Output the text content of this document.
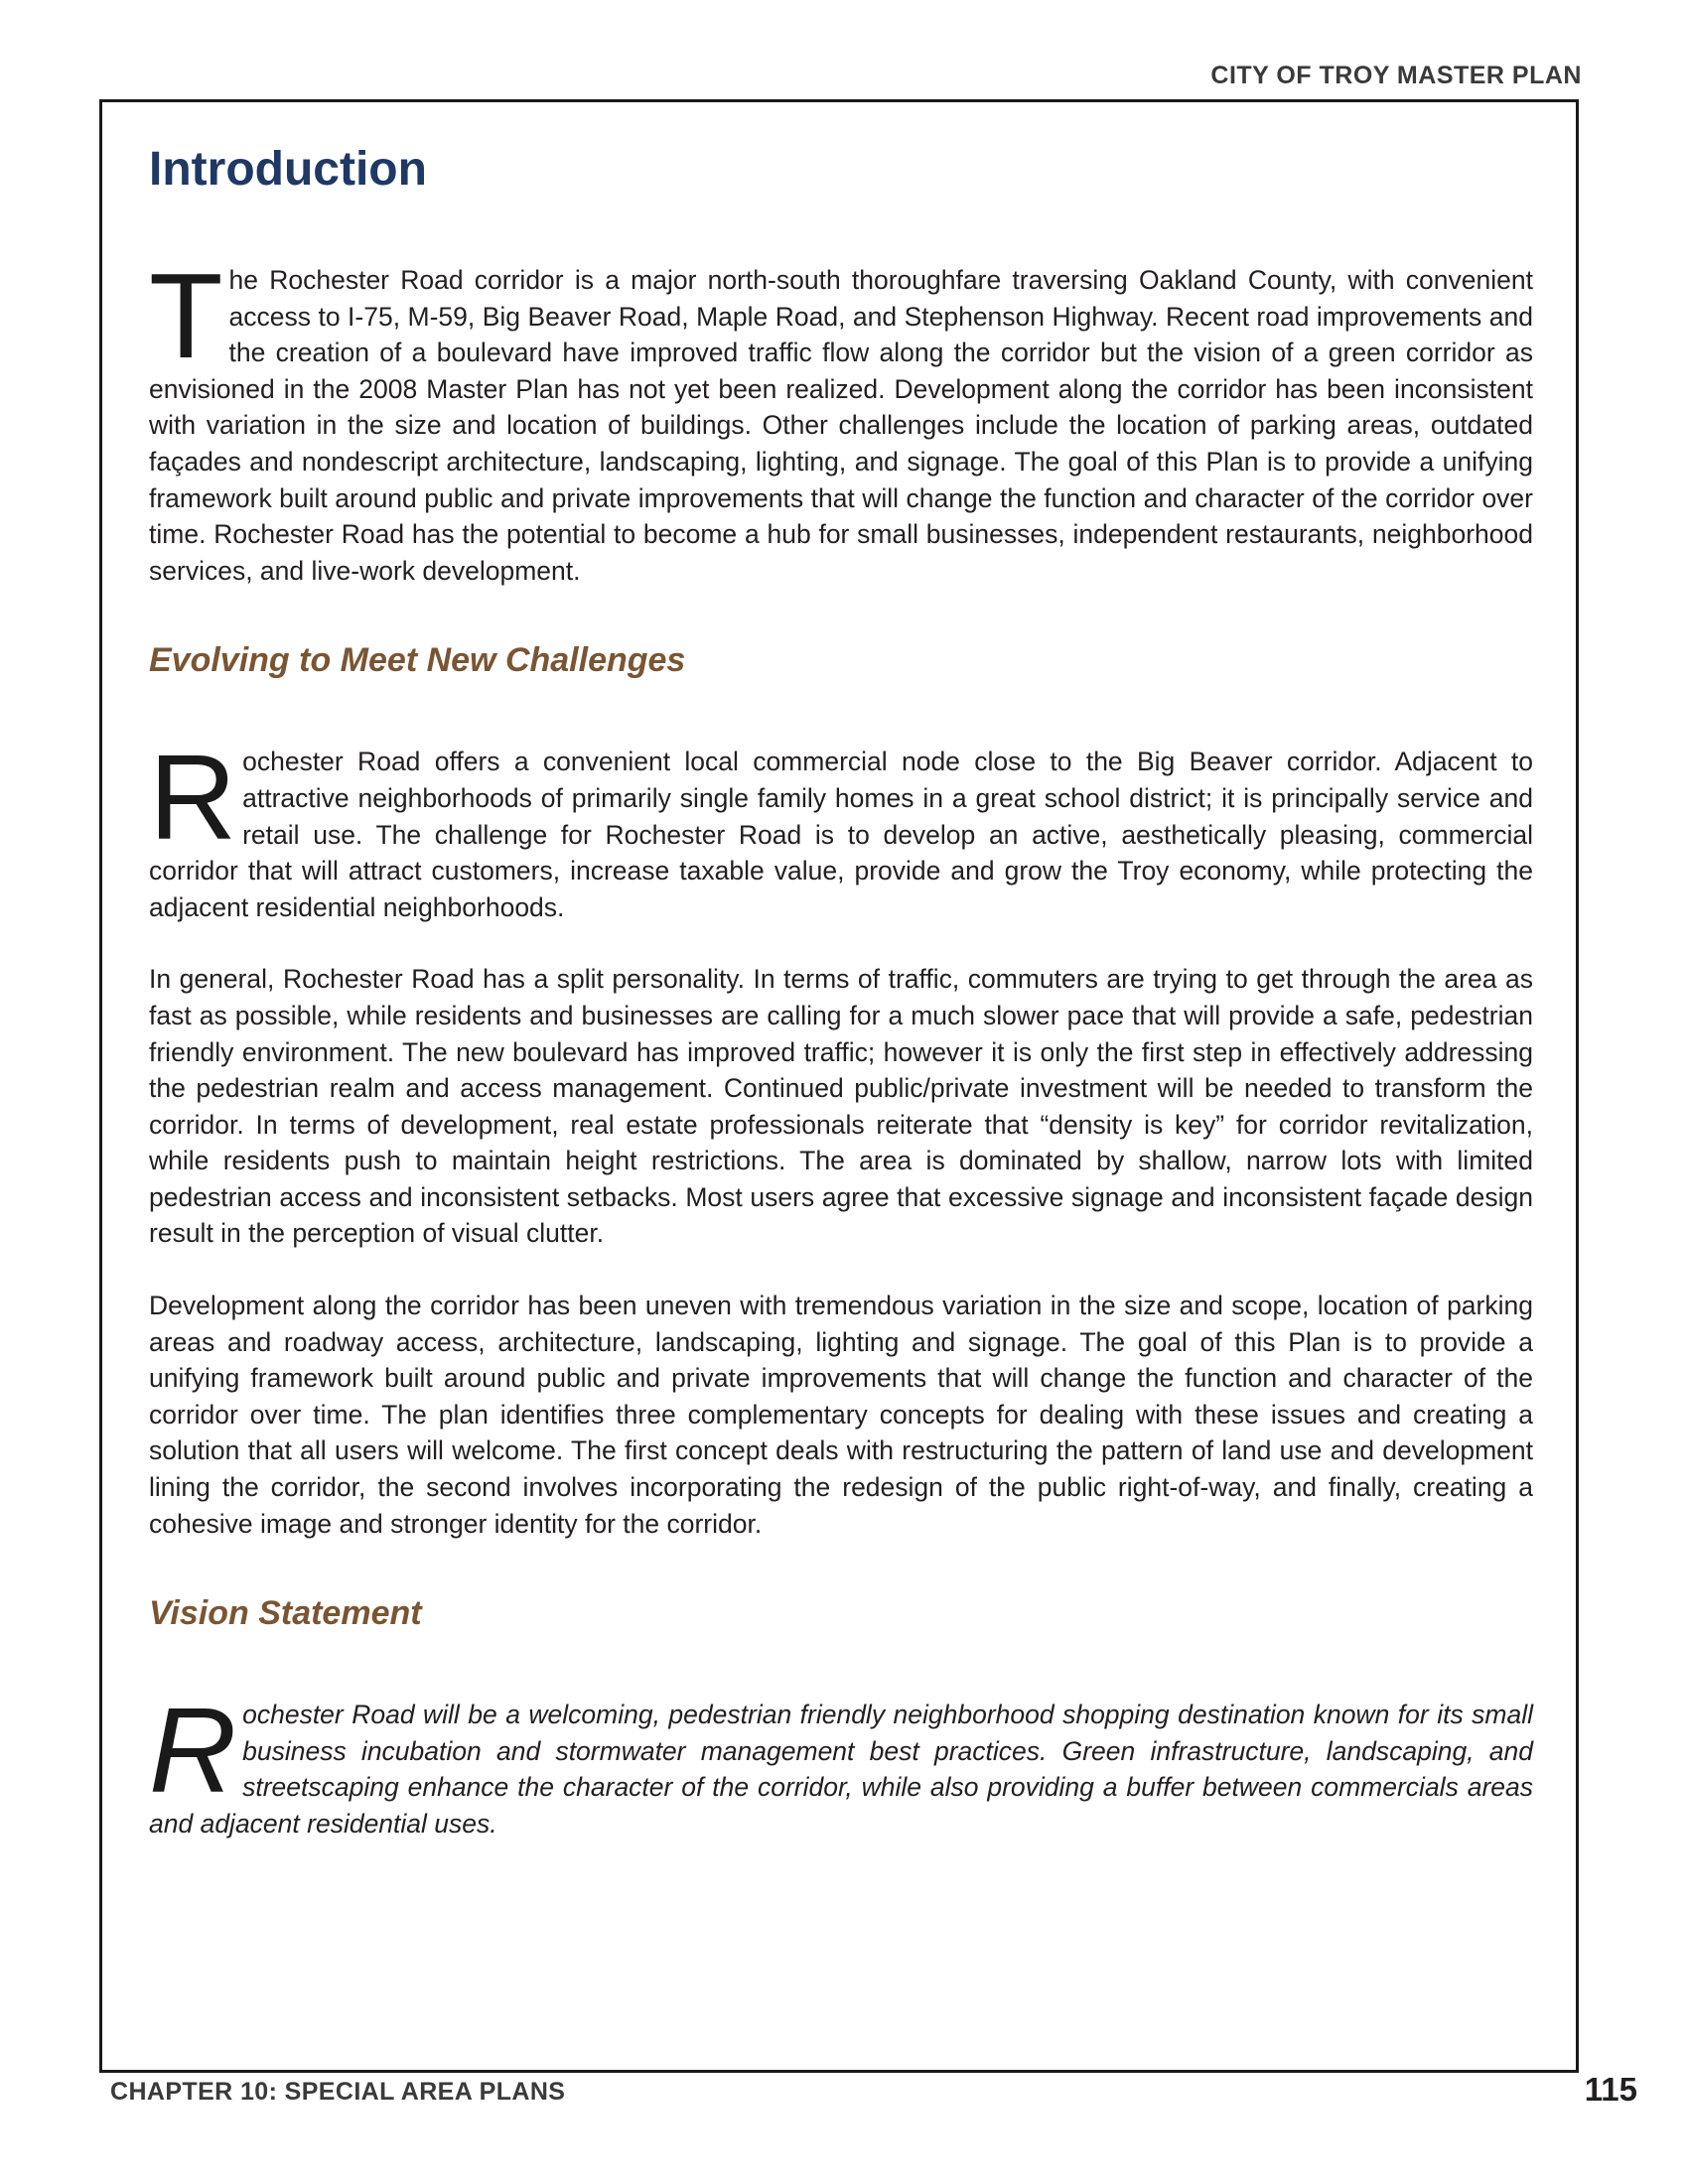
CITY OF TROY MASTER PLAN
Introduction

The Rochester Road corridor is a major north-south thoroughfare traversing Oakland County, with convenient access to I-75, M-59, Big Beaver Road, Maple Road, and Stephenson Highway. Recent road improvements and the creation of a boulevard have improved traffic flow along the corridor but the vision of a green corridor as envisioned in the 2008 Master Plan has not yet been realized. Development along the corridor has been inconsistent with variation in the size and location of buildings. Other challenges include the location of parking areas, outdated façades and nondescript architecture, landscaping, lighting, and signage. The goal of this Plan is to provide a unifying framework built around public and private improvements that will change the function and character of the corridor over time. Rochester Road has the potential to become a hub for small businesses, independent restaurants, neighborhood services, and live-work development.

Evolving to Meet New Challenges

Rochester Road offers a convenient local commercial node close to the Big Beaver corridor. Adjacent to attractive neighborhoods of primarily single family homes in a great school district; it is principally service and retail use. The challenge for Rochester Road is to develop an active, aesthetically pleasing, commercial corridor that will attract customers, increase taxable value, provide and grow the Troy economy, while protecting the adjacent residential neighborhoods.

In general, Rochester Road has a split personality. In terms of traffic, commuters are trying to get through the area as fast as possible, while residents and businesses are calling for a much slower pace that will provide a safe, pedestrian friendly environment. The new boulevard has improved traffic; however it is only the first step in effectively addressing the pedestrian realm and access management. Continued public/private investment will be needed to transform the corridor. In terms of development, real estate professionals reiterate that “density is key” for corridor revitalization, while residents push to maintain height restrictions. The area is dominated by shallow, narrow lots with limited pedestrian access and inconsistent setbacks. Most users agree that excessive signage and inconsistent façade design result in the perception of visual clutter.

Development along the corridor has been uneven with tremendous variation in the size and scope, location of parking areas and roadway access, architecture, landscaping, lighting and signage. The goal of this Plan is to provide a unifying framework built around public and private improvements that will change the function and character of the corridor over time. The plan identifies three complementary concepts for dealing with these issues and creating a solution that all users will welcome. The first concept deals with restructuring the pattern of land use and development lining the corridor, the second involves incorporating the redesign of the public right-of-way, and finally, creating a cohesive image and stronger identity for the corridor.

Vision Statement

Rochester Road will be a welcoming, pedestrian friendly neighborhood shopping destination known for its small business incubation and stormwater management best practices. Green infrastructure, landscaping, and streetscaping enhance the character of the corridor, while also providing a buffer between commercials areas and adjacent residential uses.

CHAPTER 10: SPECIAL AREA PLANS	115
